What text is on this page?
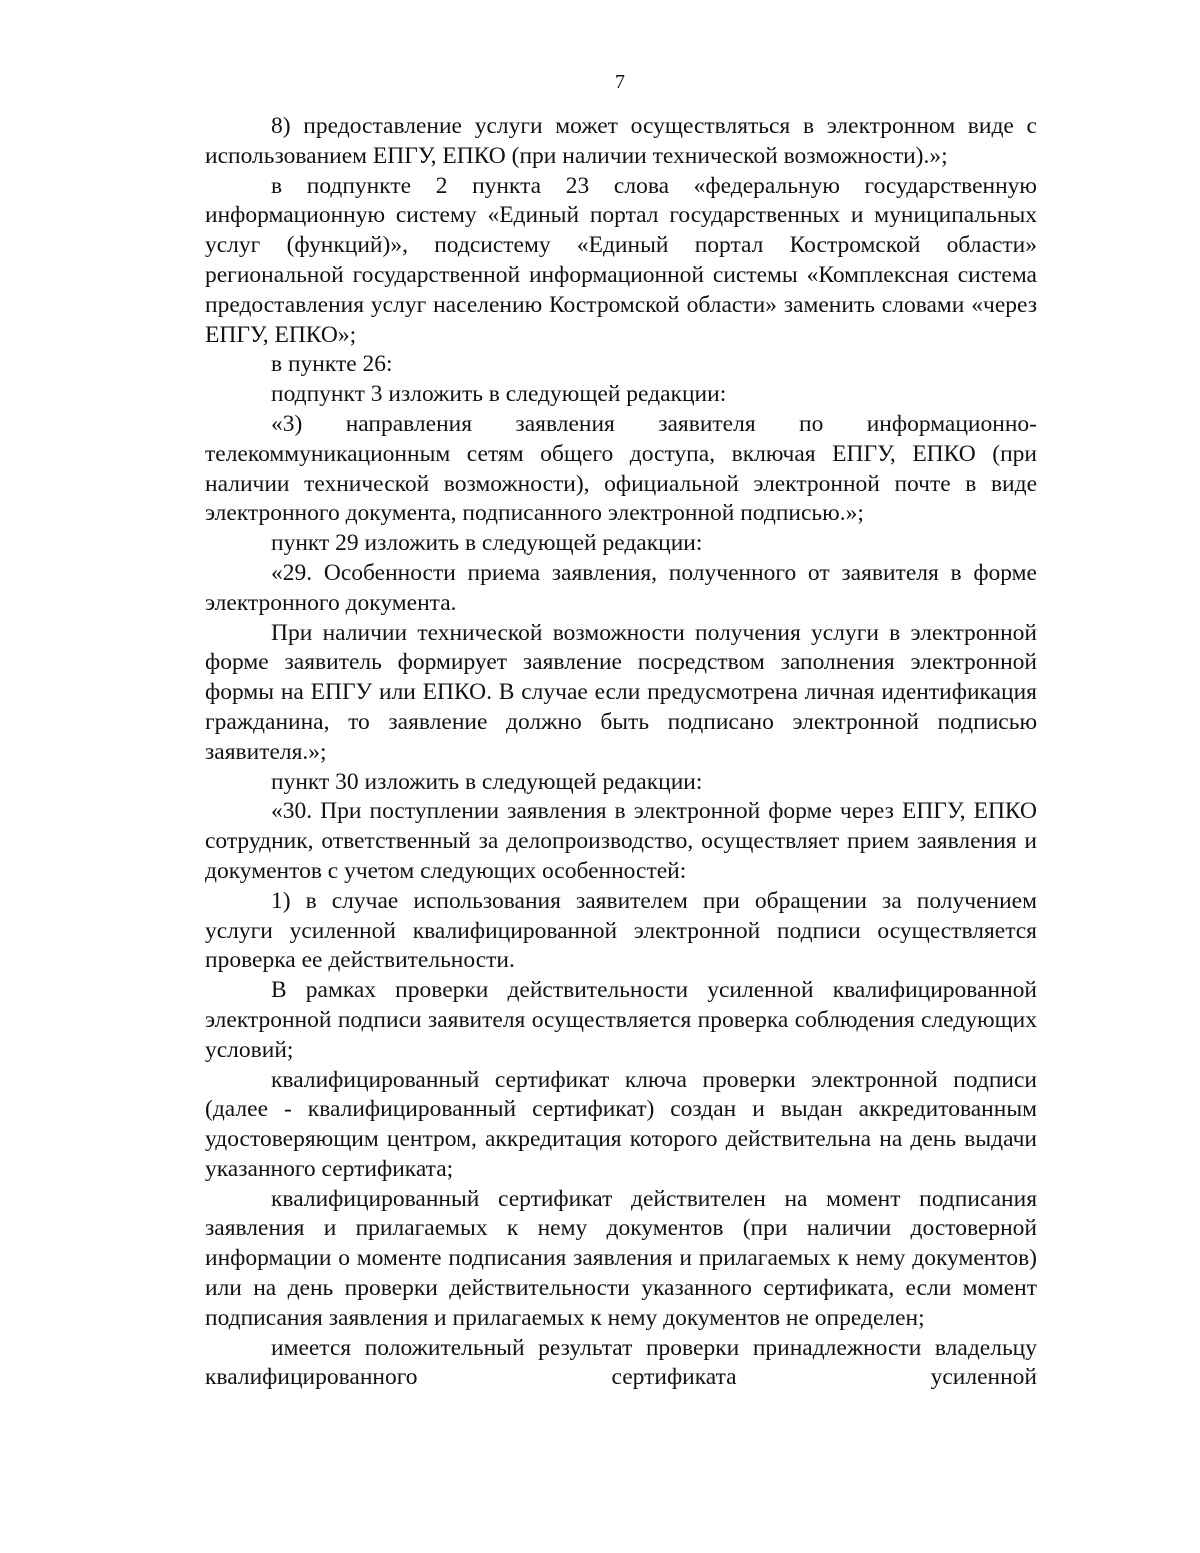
7

8) предоставление услуги может осуществляться в электронном виде с использованием ЕПГУ, ЕПКО (при наличии технической возможности).»;

в подпункте 2 пункта 23 слова «федеральную государственную информационную систему «Единый портал государственных и муниципальных услуг (функций)», подсистему «Единый портал Костромской области» региональной государственной информационной системы «Комплексная система предоставления услуг населению Костромской области» заменить словами «через ЕПГУ, ЕПКО»;

в пункте 26:

подпункт 3 изложить в следующей редакции:

«3) направления заявления заявителя по информационно-телекоммуникационным сетям общего доступа, включая ЕПГУ, ЕПКО (при наличии технической возможности), официальной электронной почте в виде электронного документа, подписанного электронной подписью.»;

пункт 29 изложить в следующей редакции:

«29. Особенности приема заявления, полученного от заявителя в форме электронного документа.

При наличии технической возможности получения услуги в электронной форме заявитель формирует заявление посредством заполнения электронной формы на ЕПГУ или ЕПКО. В случае если предусмотрена личная идентификация гражданина, то заявление должно быть подписано электронной подписью заявителя.»;

пункт 30 изложить в следующей редакции:

«30. При поступлении заявления в электронной форме через ЕПГУ, ЕПКО сотрудник, ответственный за делопроизводство, осуществляет прием заявления и документов с учетом следующих особенностей:

1) в случае использования заявителем при обращении за получением услуги усиленной квалифицированной электронной подписи осуществляется проверка ее действительности.

В рамках проверки действительности усиленной квалифицированной электронной подписи заявителя осуществляется проверка соблюдения следующих условий;

квалифицированный сертификат ключа проверки электронной подписи (далее - квалифицированный сертификат) создан и выдан аккредитованным удостоверяющим центром, аккредитация которого действительна на день выдачи указанного сертификата;

квалифицированный сертификат действителен на момент подписания заявления и прилагаемых к нему документов (при наличии достоверной информации о моменте подписания заявления и прилагаемых к нему документов) или на день проверки действительности указанного сертификата, если момент подписания заявления и прилагаемых к нему документов не определен;

имеется положительный результат проверки принадлежности владельцу квалифицированного сертификата усиленной
